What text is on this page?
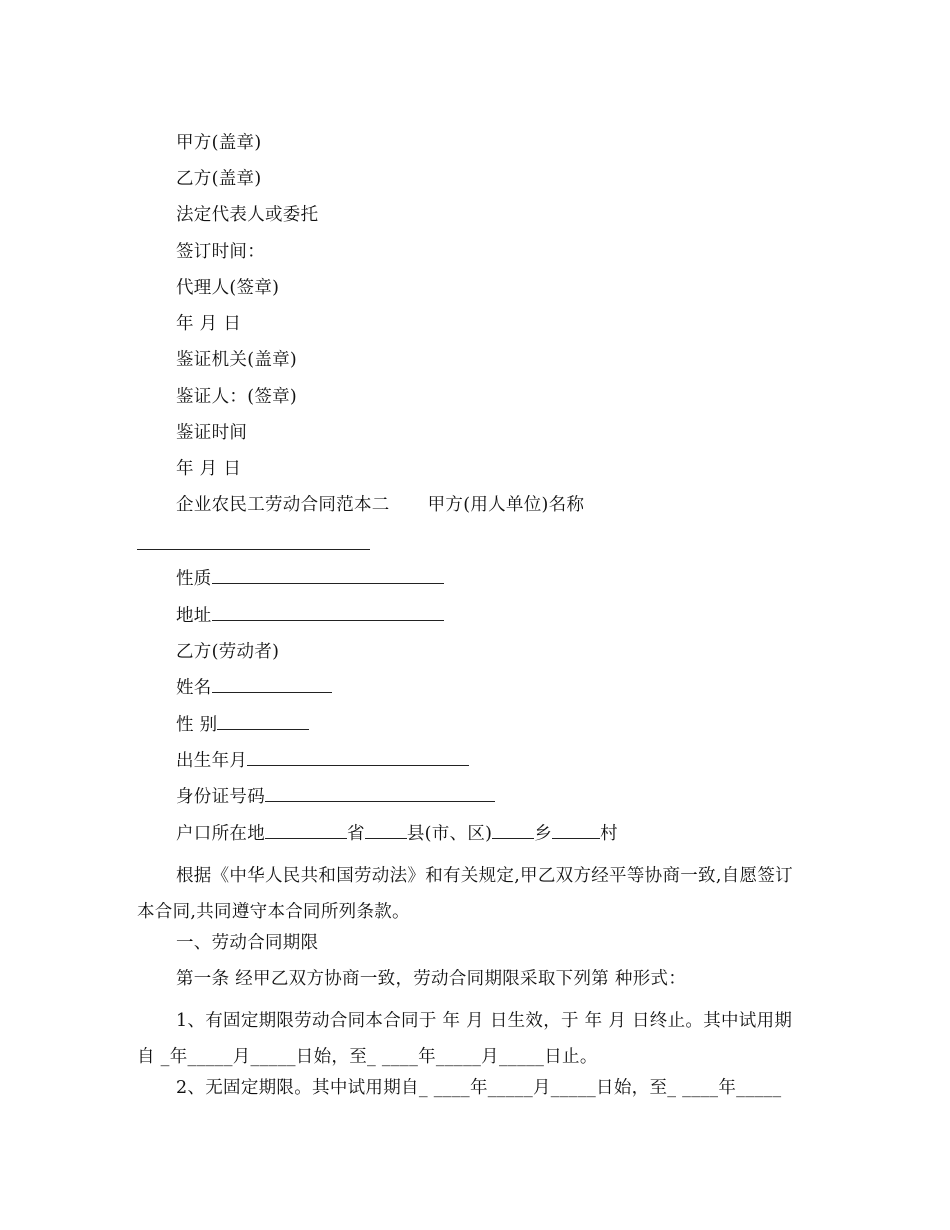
甲方(盖章)
乙方(盖章)
法定代表人或委托
签订时间：
代理人(签章)
年 月 日
鉴证机关(盖章)
鉴证人：(签章)
鉴证时间
年 月 日
企业农民工劳动合同范本二 甲方(用人单位)名称
性质
地址
乙方(劳动者)
姓名
性 别
出生年月
身份证号码
户口所在地	省 县(市、区) 乡	村
根据《中华人民共和国劳动法》和有关规定,甲乙双方经平等协商一致,自愿签订本合同,共同遵守本合同所列条款。
一、劳动合同期限
第一条 经甲乙双方协商一致，劳动合同期限采取下列第 种形式：
1、有固定期限劳动合同本合同于 年 月 日生效，于 年 月 日终止。其中试用期自 _年_____月_____日始，至_ ____年_____月_____日止。
2、无固定期限。其中试用期自_ ____年_____月_____日始，至_ ____年_____
